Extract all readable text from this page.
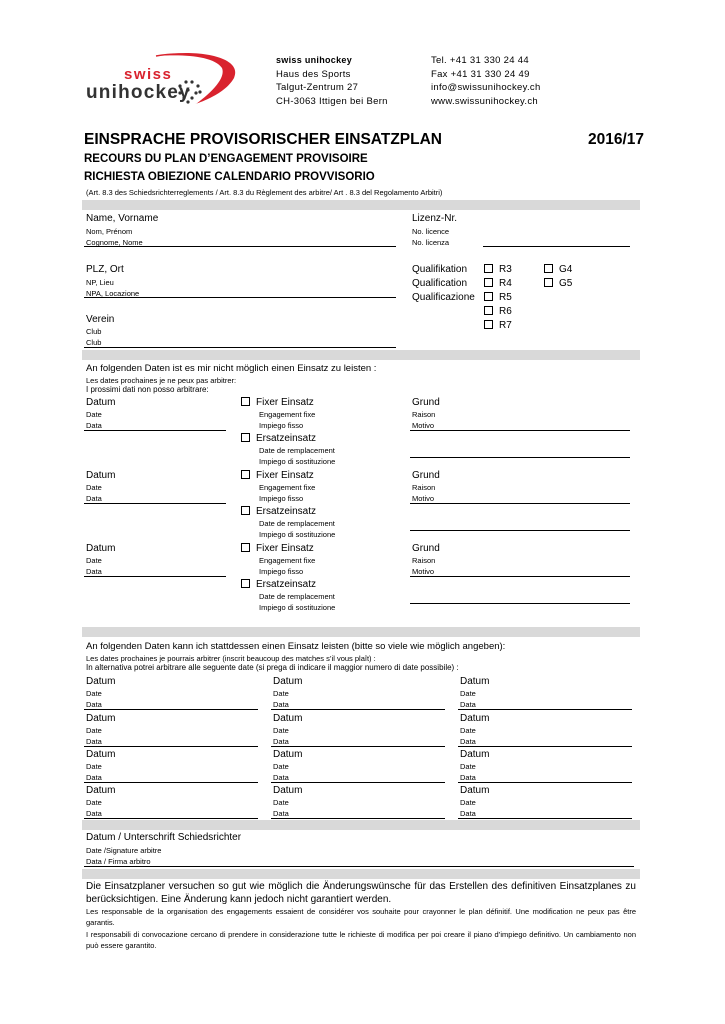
swiss
unihockey
swiss unihockey
Haus des Sports
Talgut-Zentrum 27
CH-3063 Ittigen bei Bern
Tel. +41 31 330 24 44
Fax +41 31 330 24 49
info@swissunihockey.ch
www.swissunihockey.ch
EINSPRACHE PROVISORISCHER EINSATZPLAN	2016/17
RECOURS DU PLAN D’ENGAGEMENT PROVISOIRE
RICHIESTA OBIEZIONE CALENDARIO PROVVISORIO
(Art. 8.3 des Schiedsrichterreglements / Art. 8.3 du Règlement des arbitre/ Art . 8.3 del Regolamento Arbitri)
Name, Vorname
Nom, Prénom
Cognome, Nome
Lizenz-Nr.
No. licence
No. licenza
PLZ, Ort
NP, Lieu
NPA, Locazione
Qualifikation
Qualification
Qualificazione
R3
R4
R5
R6
R7
G4
G5
Verein
Club
Club
An folgenden Daten ist es mir nicht möglich einen Einsatz zu leisten :
Les dates prochaines je ne peux pas arbitrer:
I prossimi dati non posso arbitrare:
Datum
Date
Data
Fixer Einsatz
Engagement fixe
Impiego fisso
Ersatzeinsatz
Date de remplacement
Impiego di sostituzione
Grund
Raison
Motivo
Datum
Date
Data
Fixer Einsatz
Engagement fixe
Impiego fisso
Ersatzeinsatz
Date de remplacement
Impiego di sostituzione
Grund
Raison
Motivo
Datum
Date
Data
Fixer Einsatz
Engagement fixe
Impiego fisso
Ersatzeinsatz
Date de remplacement
Impiego di sostituzione
Grund
Raison
Motivo
An folgenden Daten kann ich stattdessen einen Einsatz leisten (bitte so viele wie möglich angeben):
Les dates prochaines je pourrais arbitrer (inscrit beaucoup des matches s’il vous plaît) :
In alternativa potrei arbitrare alle seguente date (si prega di indicare il maggior numero di date possibile) :
Datum
Date
Data
Datum
Date
Data
Datum
Date
Data
Datum
Date
Data
Datum
Date
Data
Datum
Date
Data
Datum
Date
Data
Datum
Date
Data
Datum
Date
Data
Datum
Date
Data
Datum
Date
Data
Datum
Date
Data
Datum / Unterschrift Schiedsrichter
Date /Signature arbitre
Data / Firma arbitro
Die Einsatzplaner versuchen so gut wie möglich die Änderungswünsche für das Erstellen des definitiven Einsatzplanes zu berücksichtigen. Eine Änderung kann jedoch nicht garantiert werden.
Les responsable de la organisation des engagements essaient de considérer vos souhaite pour crayonner le plan définitif. Une modification ne peux pas être garantis.
I responsabili di convocazione cercano di prendere in considerazione tutte le richieste di modifica per poi creare il piano d’impiego definitivo. Un cambiamento non può essere garantito.
